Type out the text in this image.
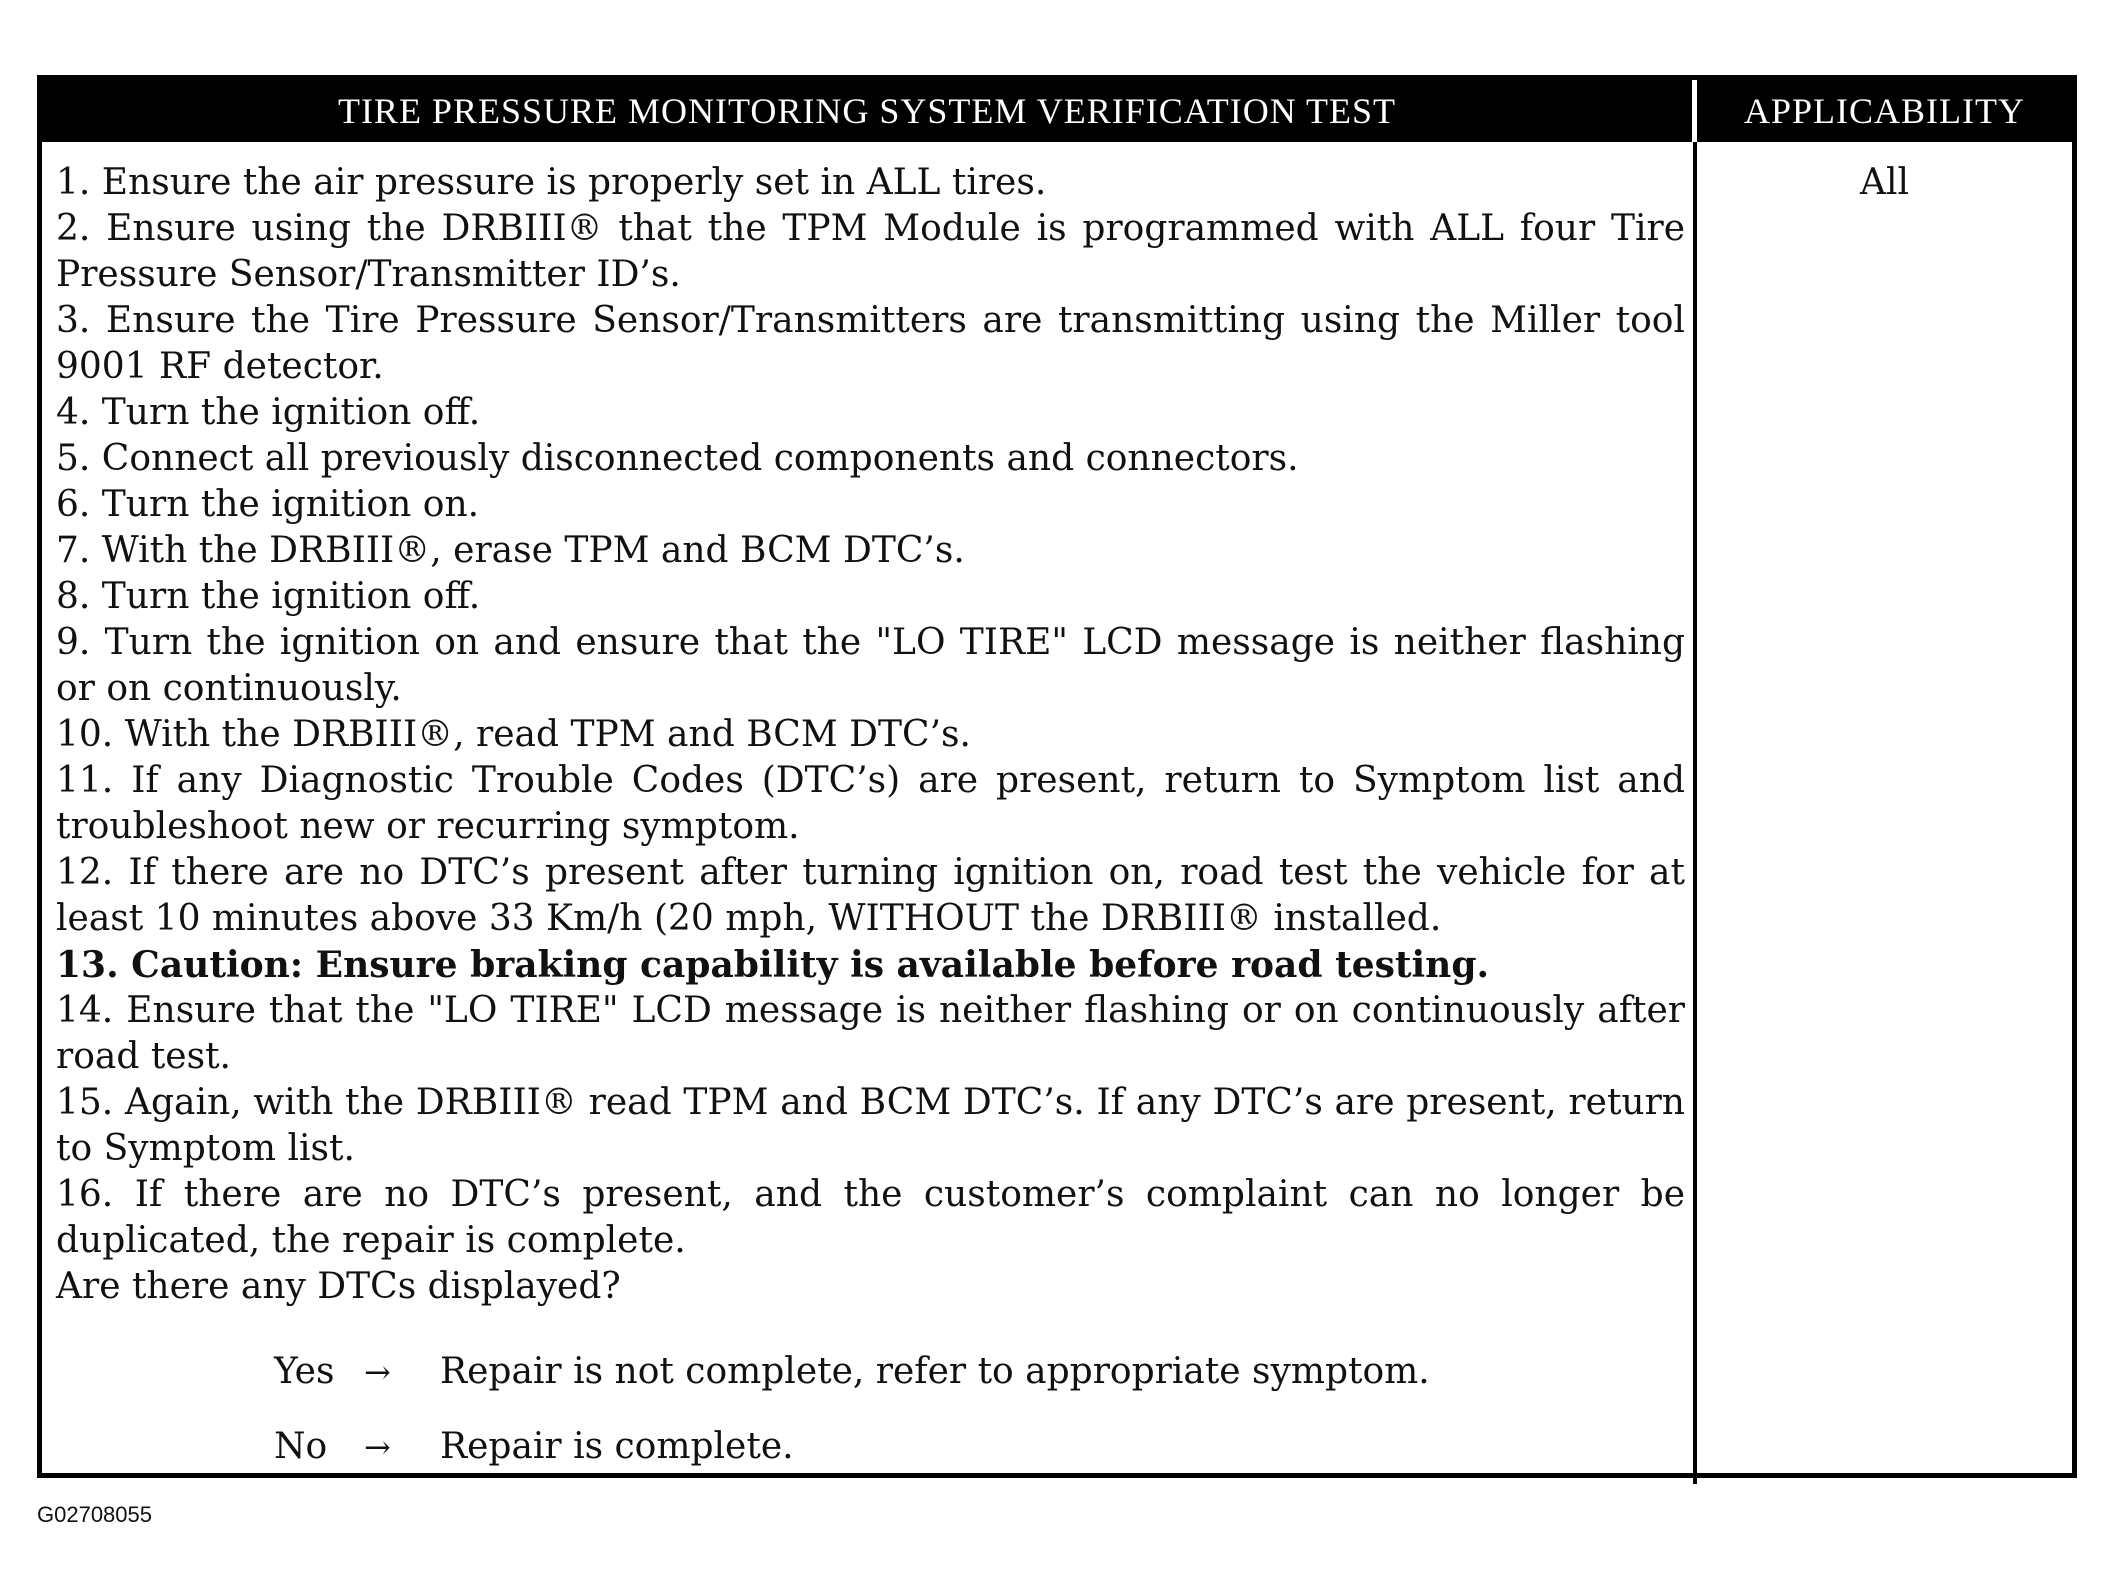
TIRE PRESSURE MONITORING SYSTEM VERIFICATION TEST	APPLICABILITY
1. Ensure the air pressure is properly set in ALL tires.
2. Ensure using the DRBIII® that the TPM Module is programmed with ALL four Tire Pressure Sensor/Transmitter ID’s.
3. Ensure the Tire Pressure Sensor/Transmitters are transmitting using the Miller tool 9001 RF detector.
4. Turn the ignition off.
5. Connect all previously disconnected components and connectors.
6. Turn the ignition on.
7. With the DRBIII®, erase TPM and BCM DTC’s.
8. Turn the ignition off.
9. Turn the ignition on and ensure that the "LO TIRE" LCD message is neither flashing or on continuously.
10. With the DRBIII®, read TPM and BCM DTC’s.
11. If any Diagnostic Trouble Codes (DTC’s) are present, return to Symptom list and troubleshoot new or recurring symptom.
12. If there are no DTC’s present after turning ignition on, road test the vehicle for at least 10 minutes above 33 Km/h (20 mph, WITHOUT the DRBIII® installed.
13. Caution: Ensure braking capability is available before road testing.
14. Ensure that the "LO TIRE" LCD message is neither flashing or on continuously after road test.
15. Again, with the DRBIII® read TPM and BCM DTC’s. If any DTC’s are present, return to Symptom list.
16. If there are no DTC’s present, and the customer’s complaint can no longer be duplicated, the repair is complete.
Are there any DTCs displayed?
Yes →	Repair is not complete, refer to appropriate symptom.
No	→	Repair is complete.
All
G02708055
